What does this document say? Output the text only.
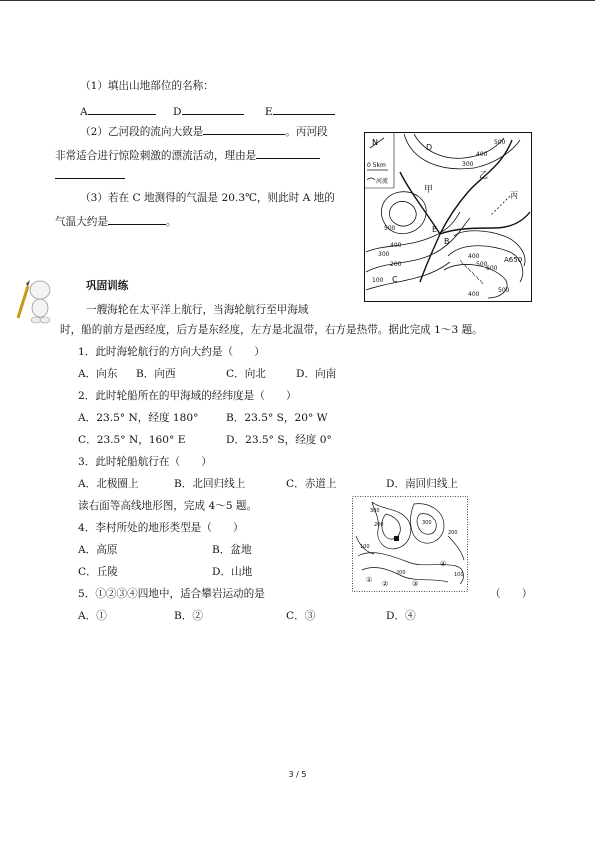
（1）填出山地部位的名称：
A	D	E
（2）乙河段的流向大致是	。丙河段
非常适合进行惊险刺激的漂流活动，理由是
（3）若在 C 地测得的气温是 20.3℃，则此时 A 地的
气温大约是	。
N
0 5km
河流
D
甲
乙
丙
E
B
C
A650
500
400
300
500
400
300
200
100
400
500
600
500
400
巩固训练
一艘海轮在太平洋上航行，当海轮航行至甲海域
时，船的前方是西经度，后方是东经度，左方是北温带，右方是热带。据此完成 1～3 题。
1．此时海轮航行的方向大约是（　　）
A．向东 B．向西	C．向北	D．向南
2．此时轮船所在的甲海域的经纬度是（　　）
A．23.5° N，经度 180°	B．23.5° S，20° W
C．23.5° N，160° E	D．23.5° S，经度 0°
3．此时轮船航行在（　　）
A．北极圈上	B．北回归线上	C．赤道上	D．南回归线上
读右面等高线地形图，完成 4～5 题。
4．李村所处的地形类型是（　　）
A．高原	B．盆地
C．丘陵	D．山地
5．①②③④四地中，适合攀岩运动的是	（　　）
A．①	B．②	C．③	D．④
① ②	③
④
300
200
100
200
100
300
200
3 / 5
